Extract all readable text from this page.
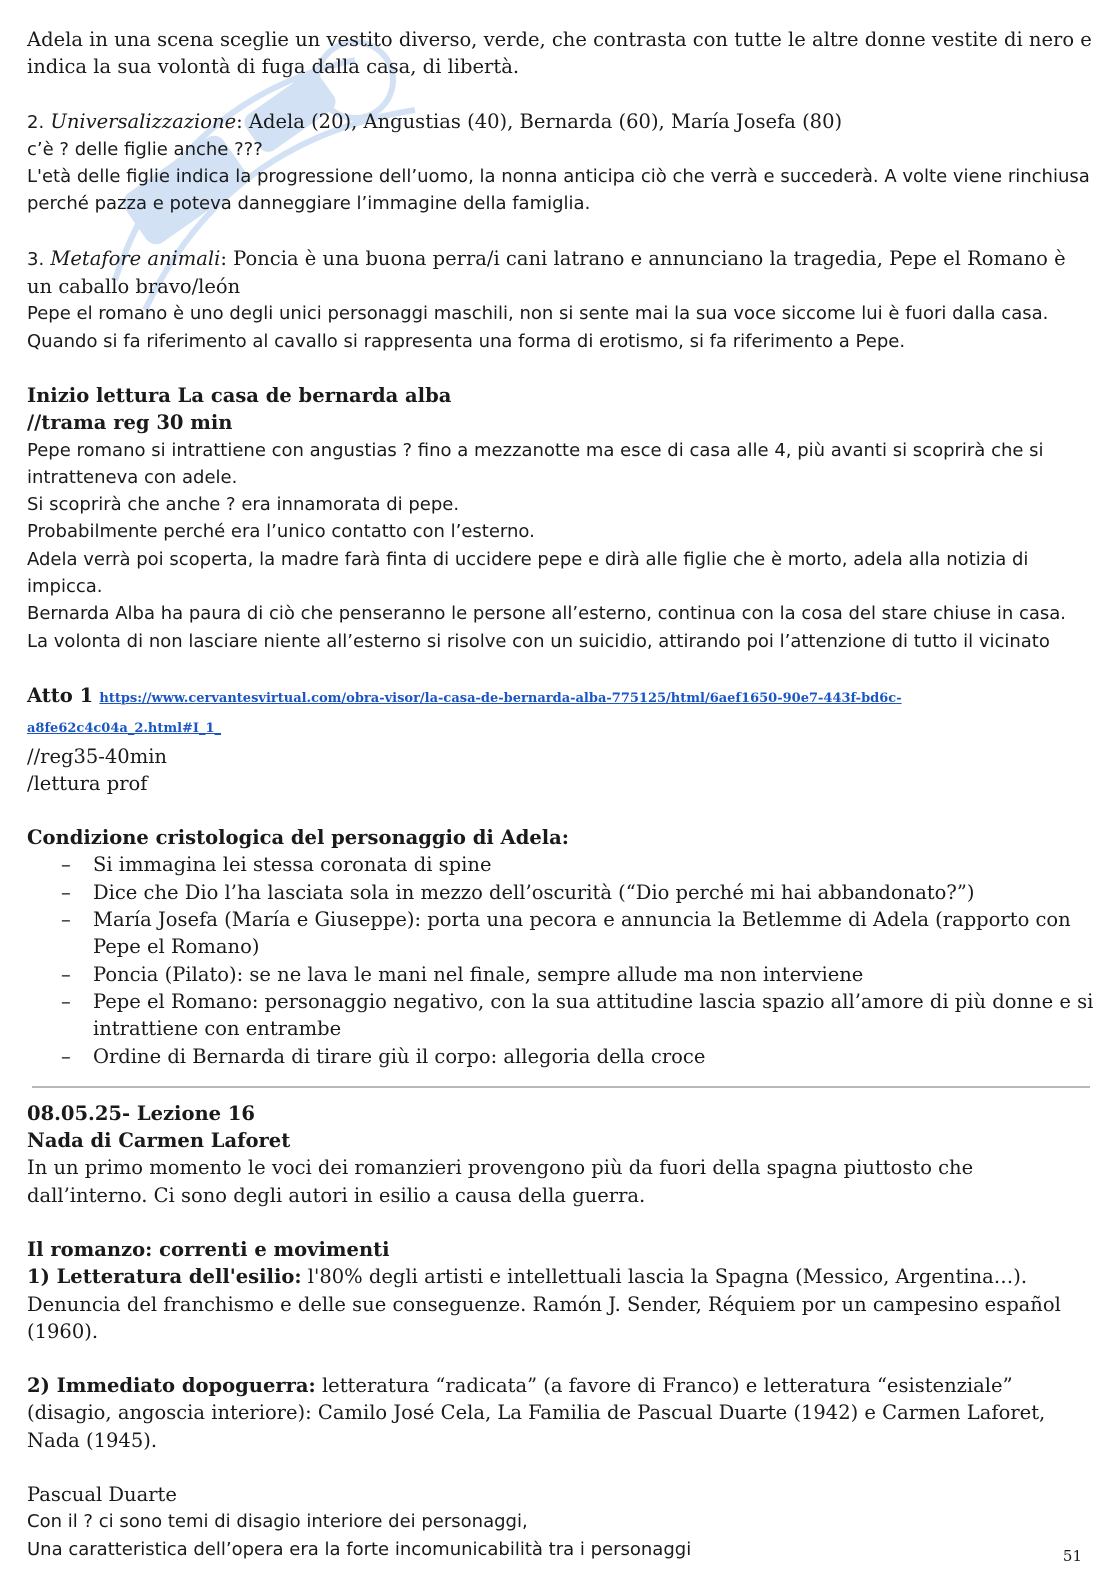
Adela in una scena sceglie un vestito diverso, verde, che contrasta con tutte le altre donne vestite di nero e indica la sua volontà di fuga dalla casa, di libertà.

2. Universalizzazione: Adela (20), Angustias (40), Bernarda (60), María Josefa (80)

c’è ? delle figlie anche ???

L'età delle figlie indica la progressione dell’uomo, la nonna anticipa ciò che verrà e succederà. A volte viene rinchiusa perché pazza e poteva danneggiare l’immagine della famiglia.

3. Metafore animali: Poncia è una buona perra/i cani latrano e annunciano la tragedia, Pepe el Romano è un caballo bravo/león

Pepe el romano è uno degli unici personaggi maschili, non si sente mai la sua voce siccome lui è fuori dalla casa.

Quando si fa riferimento al cavallo si rappresenta una forma di erotismo, si fa riferimento a Pepe.

Inizio lettura La casa de bernarda alba

//trama reg 30 min

Pepe romano si intrattiene con angustias ? fino a mezzanotte ma esce di casa alle 4, più avanti si scoprirà che si intratteneva con adele.

Si scoprirà che anche ? era innamorata di pepe.

Probabilmente perché era l’unico contatto con l’esterno.

Adela verrà poi scoperta, la madre farà finta di uccidere pepe e dirà alle figlie che è morto, adela alla notizia di impicca.

Bernarda Alba ha paura di ciò che penseranno le persone all’esterno, continua con la cosa del stare chiuse in casa.

La volonta di non lasciare niente all’esterno si risolve con un suicidio, attirando poi l’attenzione di tutto il vicinato

Atto 1 https://www.cervantesvirtual.com/obra-visor/la-casa-de-bernarda-alba-775125/html/6aef1650-90e7-443f-bd6c-a8fe62c4c04a_2.html#I_1_

//reg35-40min

/lettura prof

Condizione cristologica del personaggio di Adela:

– Si immagina lei stessa coronata di spine
– Dice che Dio l’ha lasciata sola in mezzo dell’oscurità (“Dio perché mi hai abbandonato?”)
– María Josefa (María e Giuseppe): porta una pecora e annuncia la Betlemme di Adela (rapporto con Pepe el Romano)
– Poncia (Pilato): se ne lava le mani nel finale, sempre allude ma non interviene
– Pepe el Romano: personaggio negativo, con la sua attitudine lascia spazio all’amore di più donne e si intrattiene con entrambe
– Ordine di Bernarda di tirare giù il corpo: allegoria della croce

08.05.25- Lezione 16

Nada di Carmen Laforet

In un primo momento le voci dei romanzieri provengono più da fuori della spagna piuttosto che dall’interno. Ci sono degli autori in esilio a causa della guerra.

Il romanzo: correnti e movimenti

1) Letteratura dell'esilio: l'80% degli artisti e intellettuali lascia la Spagna (Messico, Argentina…). Denuncia del franchismo e delle sue conseguenze. Ramón J. Sender, Réquiem por un campesino español (1960).

2) Immediato dopoguerra: letteratura “radicata” (a favore di Franco) e letteratura “esistenziale” (disagio, angoscia interiore): Camilo José Cela, La Familia de Pascual Duarte (1942) e Carmen Laforet, Nada (1945).

Pascual Duarte

Con il ? ci sono temi di disagio interiore dei personaggi,

Una caratteristica dell’opera era la forte incomunicabilità tra i personaggi	51
